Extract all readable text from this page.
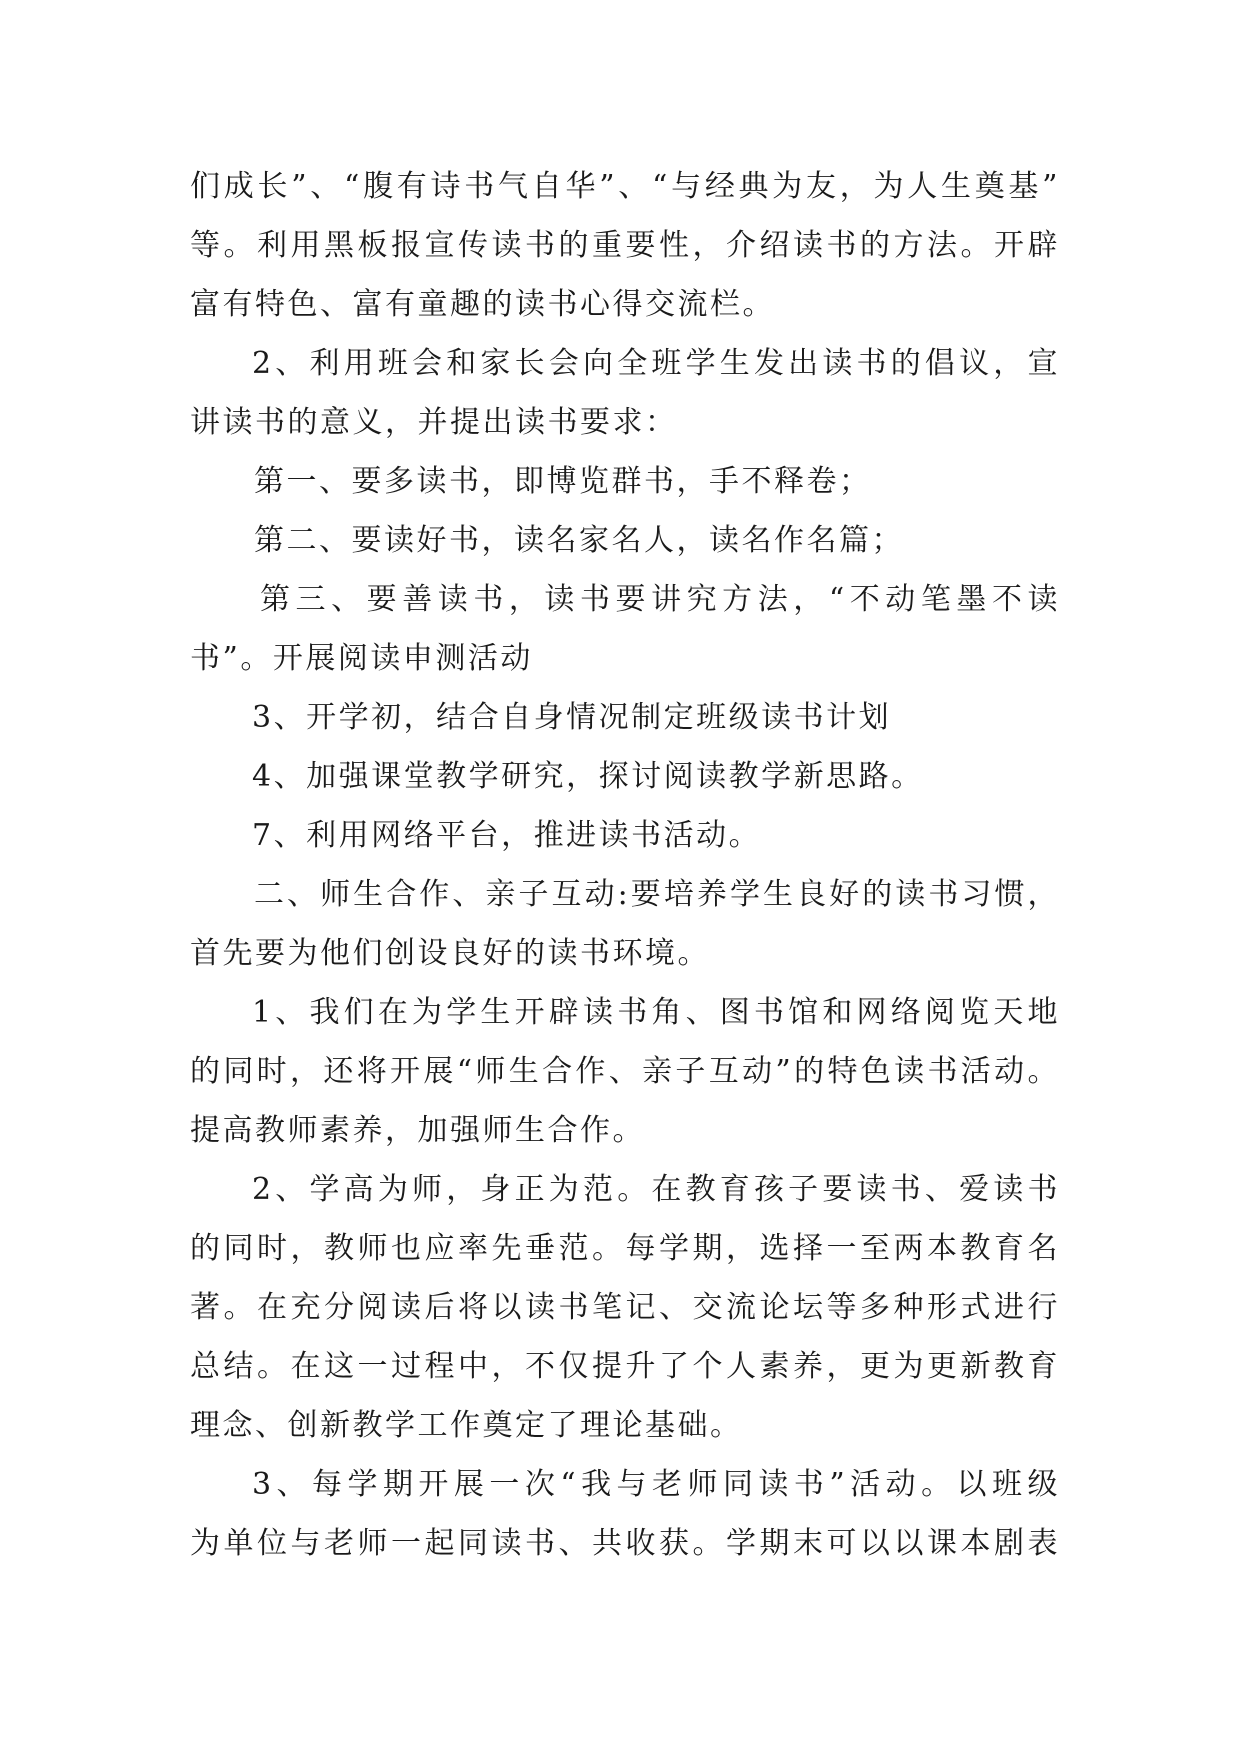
们成长”、“腹有诗书气自华”、“与经典为友，为人生奠基”
等。利用黑板报宣传读书的重要性，介绍读书的方法。开辟
富有特色、富有童趣的读书心得交流栏。
2、利用班会和家长会向全班学生发出读书的倡议，宣
讲读书的意义，并提出读书要求：
第一、要多读书，即博览群书，手不释卷；
第二、要读好书，读名家名人，读名作名篇；
第三、要善读书，读书要讲究方法，“不动笔墨不读
书”。开展阅读申测活动
3、开学初，结合自身情况制定班级读书计划
4、加强课堂教学研究，探讨阅读教学新思路。
7、利用网络平台，推进读书活动。
二、师生合作、亲子互动:要培养学生良好的读书习惯，
首先要为他们创设良好的读书环境。
1、我们在为学生开辟读书角、图书馆和网络阅览天地
的同时，还将开展“师生合作、亲子互动”的特色读书活动。
提高教师素养，加强师生合作。
2、学高为师，身正为范。在教育孩子要读书、爱读书
的同时，教师也应率先垂范。每学期，选择一至两本教育名
著。在充分阅读后将以读书笔记、交流论坛等多种形式进行
总结。在这一过程中，不仅提升了个人素养，更为更新教育
理念、创新教学工作奠定了理论基础。
3、每学期开展一次“我与老师同读书”活动。以班级
为单位与老师一起同读书、共收获。学期末可以以课本剧表
